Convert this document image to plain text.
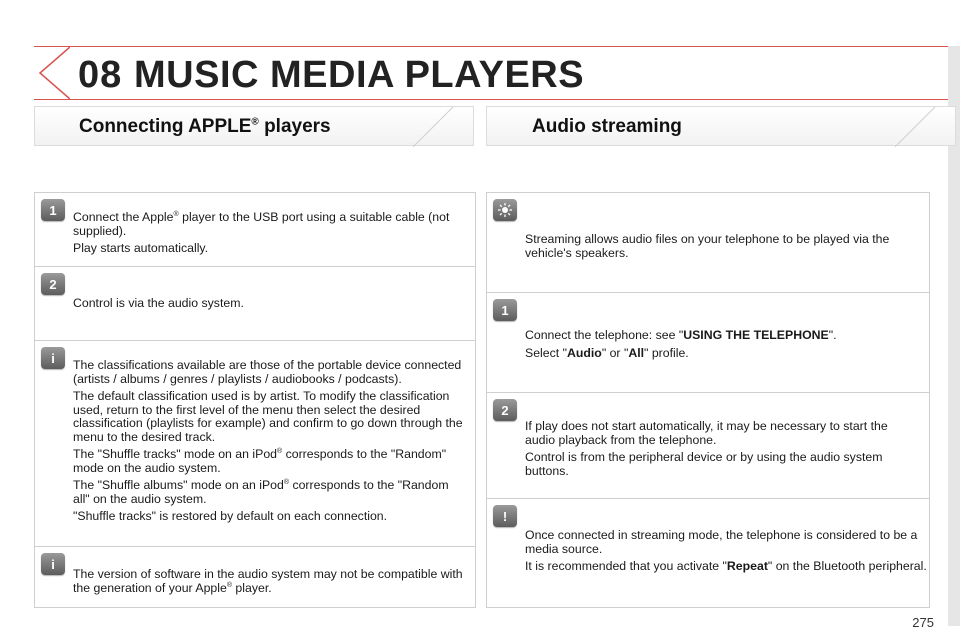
08 MUSIC MEDIA PLAYERS
Connecting APPLE® players	Audio streaming
1	Connect the Apple® player to the USB port using a suitable cable (not supplied).

Play starts automatically.

2

Control is via the audio system.

i	The classifications available are those of the portable device connected (artists / albums / genres / playlists / audiobooks / podcasts).

The default classification used is by artist. To modify the classification used, return to the first level of the menu then select the desired classification (playlists for example) and confirm to go down through the menu to the desired track.

The "Shuffle tracks" mode on an iPod® corresponds to the "Random" mode on the audio system.

The "Shuffle albums" mode on an iPod® corresponds to the "Random all" on the audio system.

"Shuffle tracks" is restored by default on each connection.

i

The version of software in the audio system may not be compatible with the generation of your Apple® player.

Streaming allows audio files on your telephone to be played via the vehicle's speakers.

1

Connect the telephone: see "USING THE TELEPHONE".

Select "Audio" or "All" profile.

2

If play does not start automatically, it may be necessary to start the audio playback from the telephone.

Control is from the peripheral device or by using the audio system buttons.

!

Once connected in streaming mode, the telephone is considered to be a media source.

It is recommended that you activate "Repeat" on the Bluetooth peripheral.

275
